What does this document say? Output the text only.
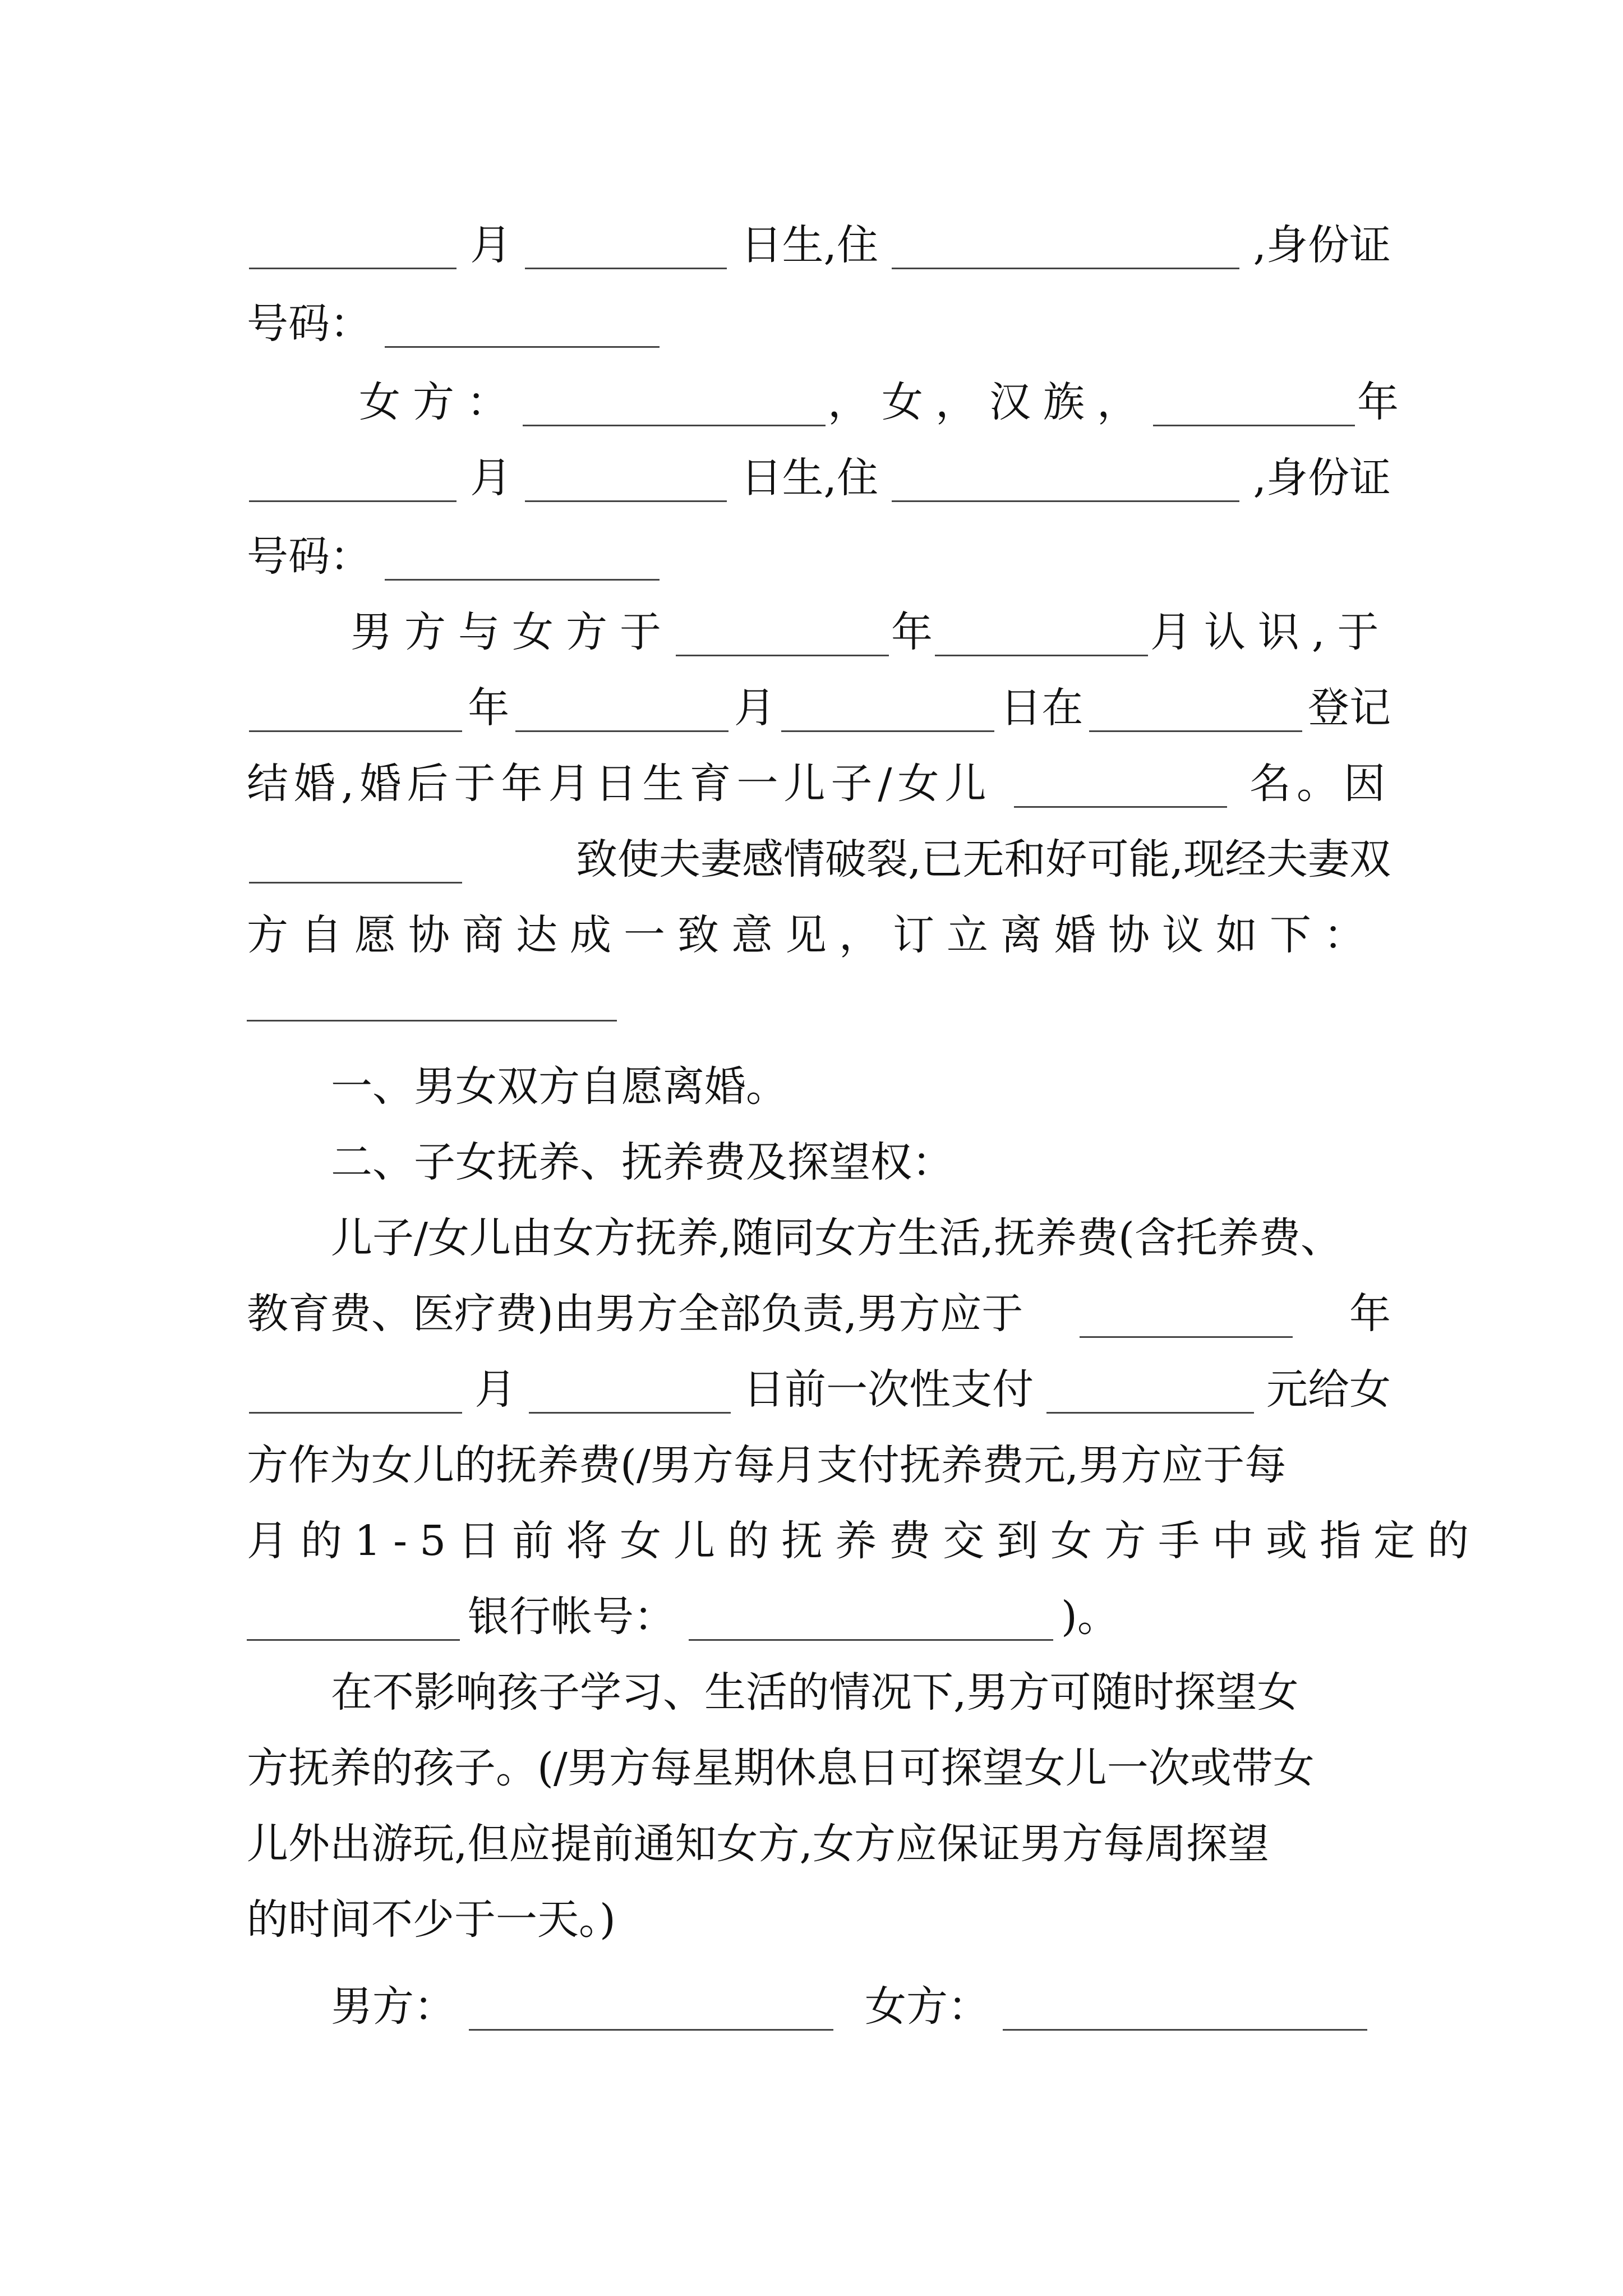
月	日生,住	,身份证
号码：
女方：	，女，汉族，	年
月	日生,住	,身份证
号码：
男方与女方于	年	月认识,于
年	月	日在	登记
结婚,婚后于年月日生育一儿子/女儿	名。因
致使夫妻感情破裂,已无和好可能,现经夫妻双
方自愿协商达成一致意见，订立离婚协议如下：
一、男女双方自愿离婚。
二、子女抚养、抚养费及探望权：
儿子/女儿由女方抚养,随同女方生活,抚养费(含托养费、
教育费、医疗费)由男方全部负责,男方应于	年
月	日前一次性支付	元给女
方作为女儿的抚养费(/男方每月支付抚养费元,男方应于每
月的1-5日前将女儿的抚养费交到女方手中或指定的
银行帐号：	)。
在不影响孩子学习、生活的情况下,男方可随时探望女
方抚养的孩子。(/男方每星期休息日可探望女儿一次或带女
儿外出游玩,但应提前通知女方,女方应保证男方每周探望
的时间不少于一天。)
男方：	女方：
